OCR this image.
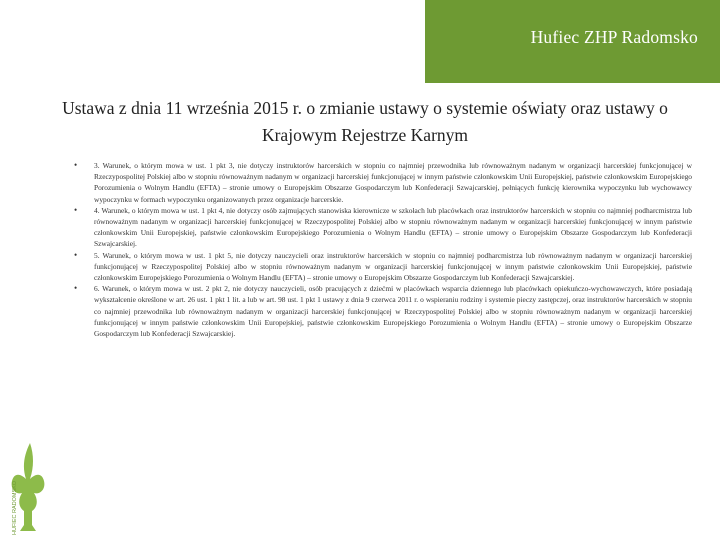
Hufiec ZHP Radomsko
Ustawa z dnia 11 września 2015 r. o zmianie ustawy o systemie oświaty oraz ustawy o Krajowym Rejestrze Karnym
• 3. Warunek, o którym mowa w ust. 1 pkt 3, nie dotyczy instruktorów harcerskich w stopniu co najmniej przewodnika lub równoważnym nadanym w organizacji harcerskiej funkcjonującej w Rzeczypospolitej Polskiej albo w stopniu równoważnym nadanym w organizacji harcerskiej funkcjonującej w innym państwie członkowskim Unii Europejskiej, państwie członkowskim Europejskiego Porozumienia o Wolnym Handlu (EFTA) – stronie umowy o Europejskim Obszarze Gospodarczym lub Konfederacji Szwajcarskiej, pełniących funkcję kierownika wypoczynku lub wychowawcy wypoczynku w formach wypoczynku organizowanych przez organizacje harcerskie.
• 4. Warunek, o którym mowa w ust. 1 pkt 4, nie dotyczy osób zajmujących stanowiska kierownicze w szkołach lub placówkach oraz instruktorów harcerskich w stopniu co najmniej podharcmistrza lub równoważnym nadanym w organizacji harcerskiej funkcjonującej w Rzeczypospolitej Polskiej albo w stopniu równoważnym nadanym w organizacji harcerskiej funkcjonującej w innym państwie członkowskim Unii Europejskiej, państwie członkowskim Europejskiego Porozumienia o Wolnym Handlu (EFTA) – stronie umowy o Europejskim Obszarze Gospodarczym lub Konfederacji Szwajcarskiej.
• 5. Warunek, o którym mowa w ust. 1 pkt 5, nie dotyczy nauczycieli oraz instruktorów harcerskich w stopniu co najmniej podharcmistrza lub równoważnym nadanym w organizacji harcerskiej funkcjonującej w Rzeczypospolitej Polskiej albo w stopniu równoważnym nadanym w organizacji harcerskiej funkcjonującej w innym państwie członkowskim Unii Europejskiej, państwie członkowskim Europejskiego Porozumienia o Wolnym Handlu (EFTA) – stronie umowy o Europejskim Obszarze Gospodarczym lub Konfederacji Szwajcarskiej.
• 6. Warunek, o którym mowa w ust. 2 pkt 2, nie dotyczy nauczycieli, osób pracujących z dziećmi w placówkach wsparcia dziennego lub placówkach opiekuńczo-wychowawczych, które posiadają wykształcenie określone w art. 26 ust. 1 pkt 1 lit. a lub w art. 98 ust. 1 pkt 1 ustawy z dnia 9 czerwca 2011 r. o wspieraniu rodziny i systemie pieczy zastępczej, oraz instruktorów harcerskich w stopniu co najmniej przewodnika lub równoważnym nadanym w organizacji harcerskiej funkcjonującej w Rzeczypospolitej Polskiej albo w stopniu równoważnym nadanym w organizacji harcerskiej funkcjonującej w innym państwie członkowskim Unii Europejskiej, państwie członkowskim Europejskiego Porozumienia o Wolnym Handlu (EFTA) – stronie umowy o Europejskim Obszarze Gospodarczym lub Konfederacji Szwajcarskiej.
HUFIEC RADOMSKO
